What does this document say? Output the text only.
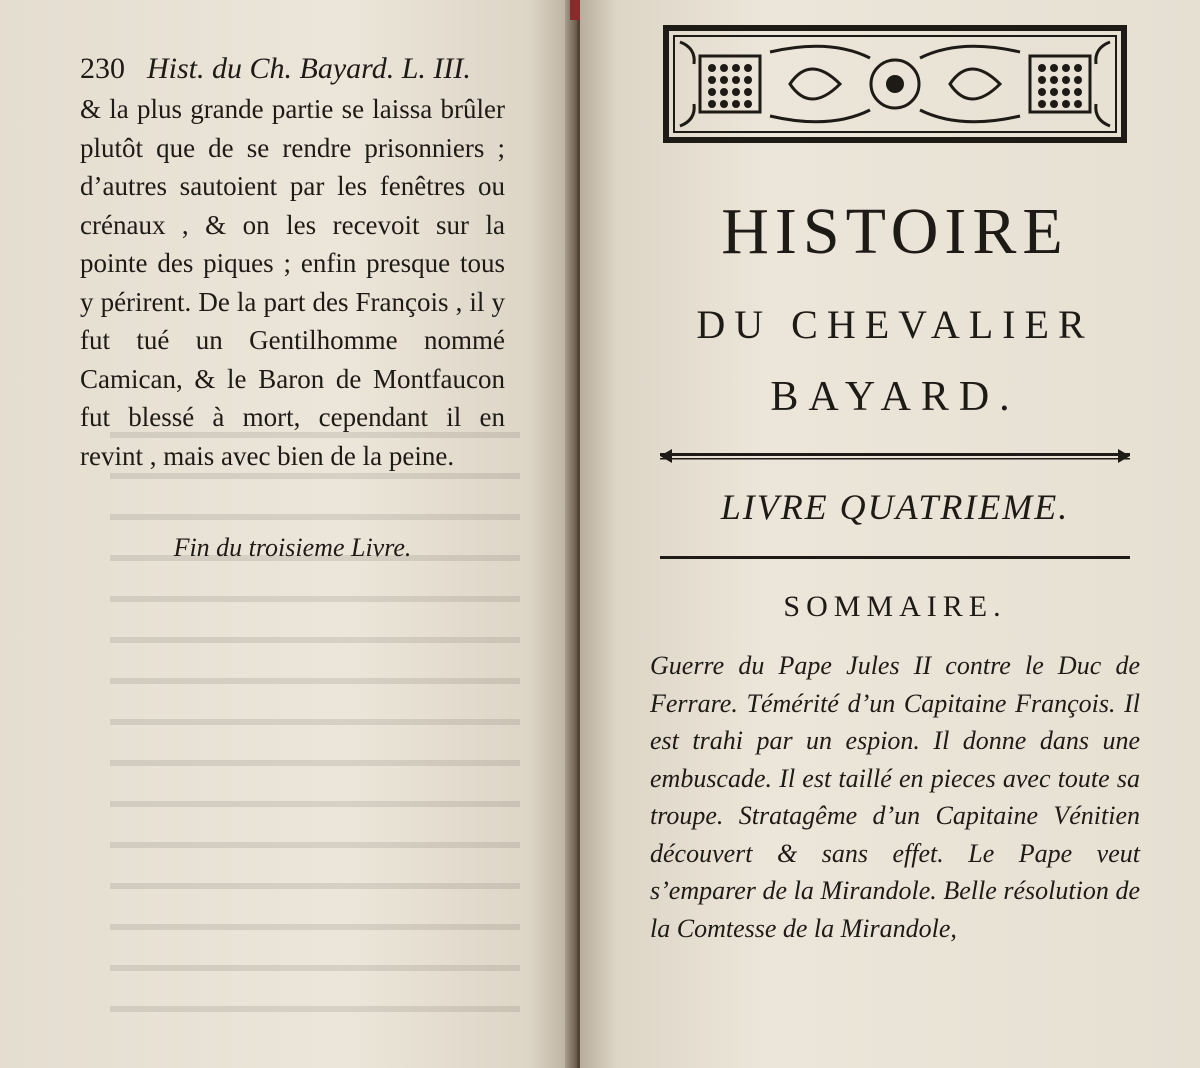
230 Hist. du Ch. Bayard. L. III.

& la plus grande partie se laissa brûler plutôt que de se rendre prisonniers ; d’autres sautoient par les fenêtres ou crénaux , & on les recevoit sur la pointe des piques ; enfin presque tous y périrent. De la part des François , il y fut tué un Gentilhomme nommé Camican, & le Baron de Montfaucon fut blessé à mort, cependant il en revint , mais avec bien de la peine.

Fin du troisieme Livre.
HISTOIRE
DU CHEVALIER
BAYARD.
LIVRE QUATRIEME.
SOMMAIRE.
Guerre du Pape Jules II contre le Duc de Ferrare. Témérité d’un Capitaine François. Il est trahi par un espion. Il donne dans une embuscade. Il est taillé en pieces avec toute sa troupe. Stratagême d’un Capitaine Vénitien découvert & sans effet. Le Pape veut s’emparer de la Mirandole. Belle résolution de la Comtesse de la Mirandole,
